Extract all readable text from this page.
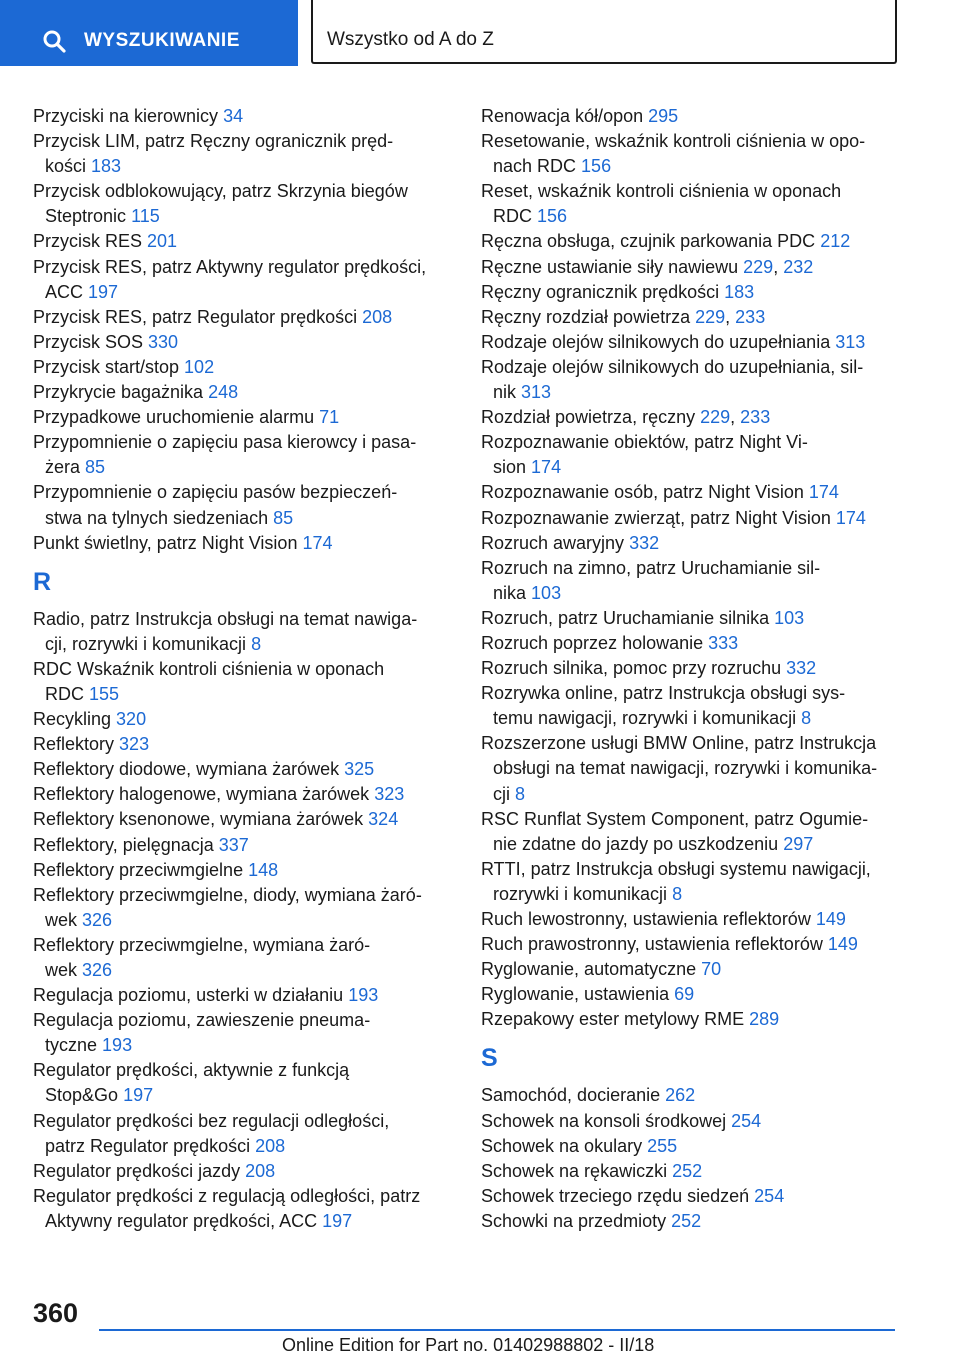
WYSZUKIWANIE	Wszystko od A do Z
Przyciski na kierownicy 34
Przycisk LIM, patrz Ręczny ogranicznik pręd-
kości 183
Przycisk odblokowujący, patrz Skrzynia biegów
Steptronic 115
Przycisk RES 201
Przycisk RES, patrz Aktywny regulator prędkości,
ACC 197
Przycisk RES, patrz Regulator prędkości 208
Przycisk SOS 330
Przycisk start/stop 102
Przykrycie bagażnika 248
Przypadkowe uruchomienie alarmu 71
Przypomnienie o zapięciu pasa kierowcy i pasa-
żera 85
Przypomnienie o zapięciu pasów bezpieczeń-
stwa na tylnych siedzeniach 85
Punkt świetlny, patrz Night Vision 174
R
Radio, patrz Instrukcja obsługi na temat nawiga-
cji, rozrywki i komunikacji 8
RDC Wskaźnik kontroli ciśnienia w oponach
RDC 155
Recykling 320
Reflektory 323
Reflektory diodowe, wymiana żarówek 325
Reflektory halogenowe, wymiana żarówek 323
Reflektory ksenonowe, wymiana żarówek 324
Reflektory, pielęgnacja 337
Reflektory przeciwmgielne 148
Reflektory przeciwmgielne, diody, wymiana żaró-
wek 326
Reflektory przeciwmgielne, wymiana żaró-
wek 326
Regulacja poziomu, usterki w działaniu 193
Regulacja poziomu, zawieszenie pneuma-
tyczne 193
Regulator prędkości, aktywnie z funkcją
Stop&Go 197
Regulator prędkości bez regulacji odległości,
patrz Regulator prędkości 208
Regulator prędkości jazdy 208
Regulator prędkości z regulacją odległości, patrz
Aktywny regulator prędkości, ACC 197
Renowacja kół/opon 295
Resetowanie, wskaźnik kontroli ciśnienia w opo-
nach RDC 156
Reset, wskaźnik kontroli ciśnienia w oponach
RDC 156
Ręczna obsługa, czujnik parkowania PDC 212
Ręczne ustawianie siły nawiewu 229, 232
Ręczny ogranicznik prędkości 183
Ręczny rozdział powietrza 229, 233
Rodzaje olejów silnikowych do uzupełniania 313
Rodzaje olejów silnikowych do uzupełniania, sil-
nik 313
Rozdział powietrza, ręczny 229, 233
Rozpoznawanie obiektów, patrz Night Vi-
sion 174
Rozpoznawanie osób, patrz Night Vision 174
Rozpoznawanie zwierząt, patrz Night Vision 174
Rozruch awaryjny 332
Rozruch na zimno, patrz Uruchamianie sil-
nika 103
Rozruch, patrz Uruchamianie silnika 103
Rozruch poprzez holowanie 333
Rozruch silnika, pomoc przy rozruchu 332
Rozrywka online, patrz Instrukcja obsługi sys-
temu nawigacji, rozrywki i komunikacji 8
Rozszerzone usługi BMW Online, patrz Instrukcja
obsługi na temat nawigacji, rozrywki i komunika-
cji 8
RSC Runflat System Component, patrz Ogumie-
nie zdatne do jazdy po uszkodzeniu 297
RTTI, patrz Instrukcja obsługi systemu nawigacji,
rozrywki i komunikacji 8
Ruch lewostronny, ustawienia reflektorów 149
Ruch prawostronny, ustawienia reflektorów 149
Ryglowanie, automatyczne 70
Ryglowanie, ustawienia 69
Rzepakowy ester metylowy RME 289
S
Samochód, docieranie 262
Schowek na konsoli środkowej 254
Schowek na okulary 255
Schowek na rękawiczki 252
Schowek trzeciego rzędu siedzeń 254
Schowki na przedmioty 252
360
Online Edition for Part no. 01402988802 - II/18
